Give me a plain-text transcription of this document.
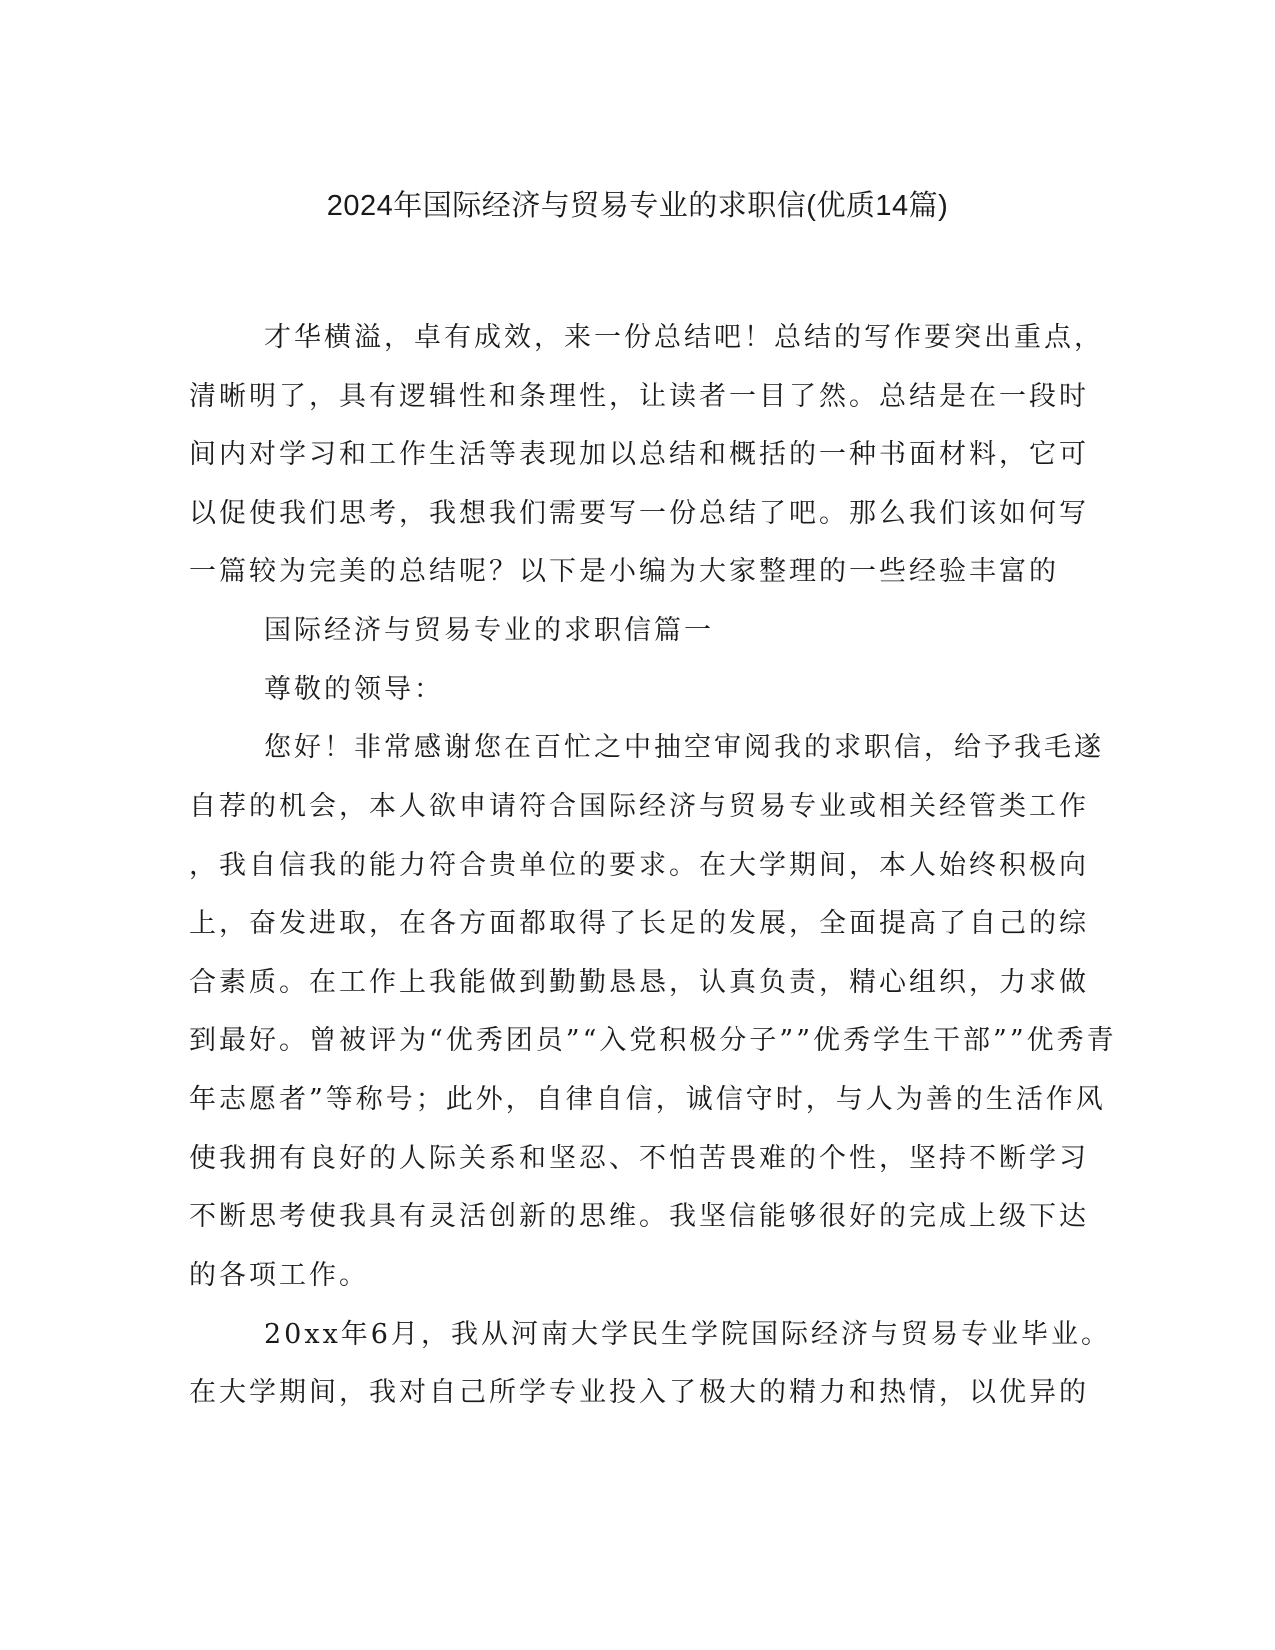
2024年国际经济与贸易专业的求职信(优质14篇)
才华横溢，卓有成效，来一份总结吧！总结的写作要突出重点，
清晰明了，具有逻辑性和条理性，让读者一目了然。总结是在一段时
间内对学习和工作生活等表现加以总结和概括的一种书面材料，它可
以促使我们思考，我想我们需要写一份总结了吧。那么我们该如何写
一篇较为完美的总结呢？以下是小编为大家整理的一些经验丰富的
国际经济与贸易专业的求职信篇一
尊敬的领导：
您好！非常感谢您在百忙之中抽空审阅我的求职信，给予我毛遂
自荐的机会，本人欲申请符合国际经济与贸易专业或相关经管类工作
，我自信我的能力符合贵单位的要求。在大学期间，本人始终积极向
上，奋发进取，在各方面都取得了长足的发展，全面提高了自己的综
合素质。在工作上我能做到勤勤恳恳，认真负责，精心组织，力求做
到最好。曾被评为“优秀团员”“入党积极分子””优秀学生干部””优秀青
年志愿者”等称号；此外，自律自信，诚信守时，与人为善的生活作风
使我拥有良好的人际关系和坚忍、不怕苦畏难的个性，坚持不断学习
不断思考使我具有灵活创新的思维。我坚信能够很好的完成上级下达
的各项工作。
20xx年6月，我从河南大学民生学院国际经济与贸易专业毕业。
在大学期间，我对自己所学专业投入了极大的精力和热情，以优异的
